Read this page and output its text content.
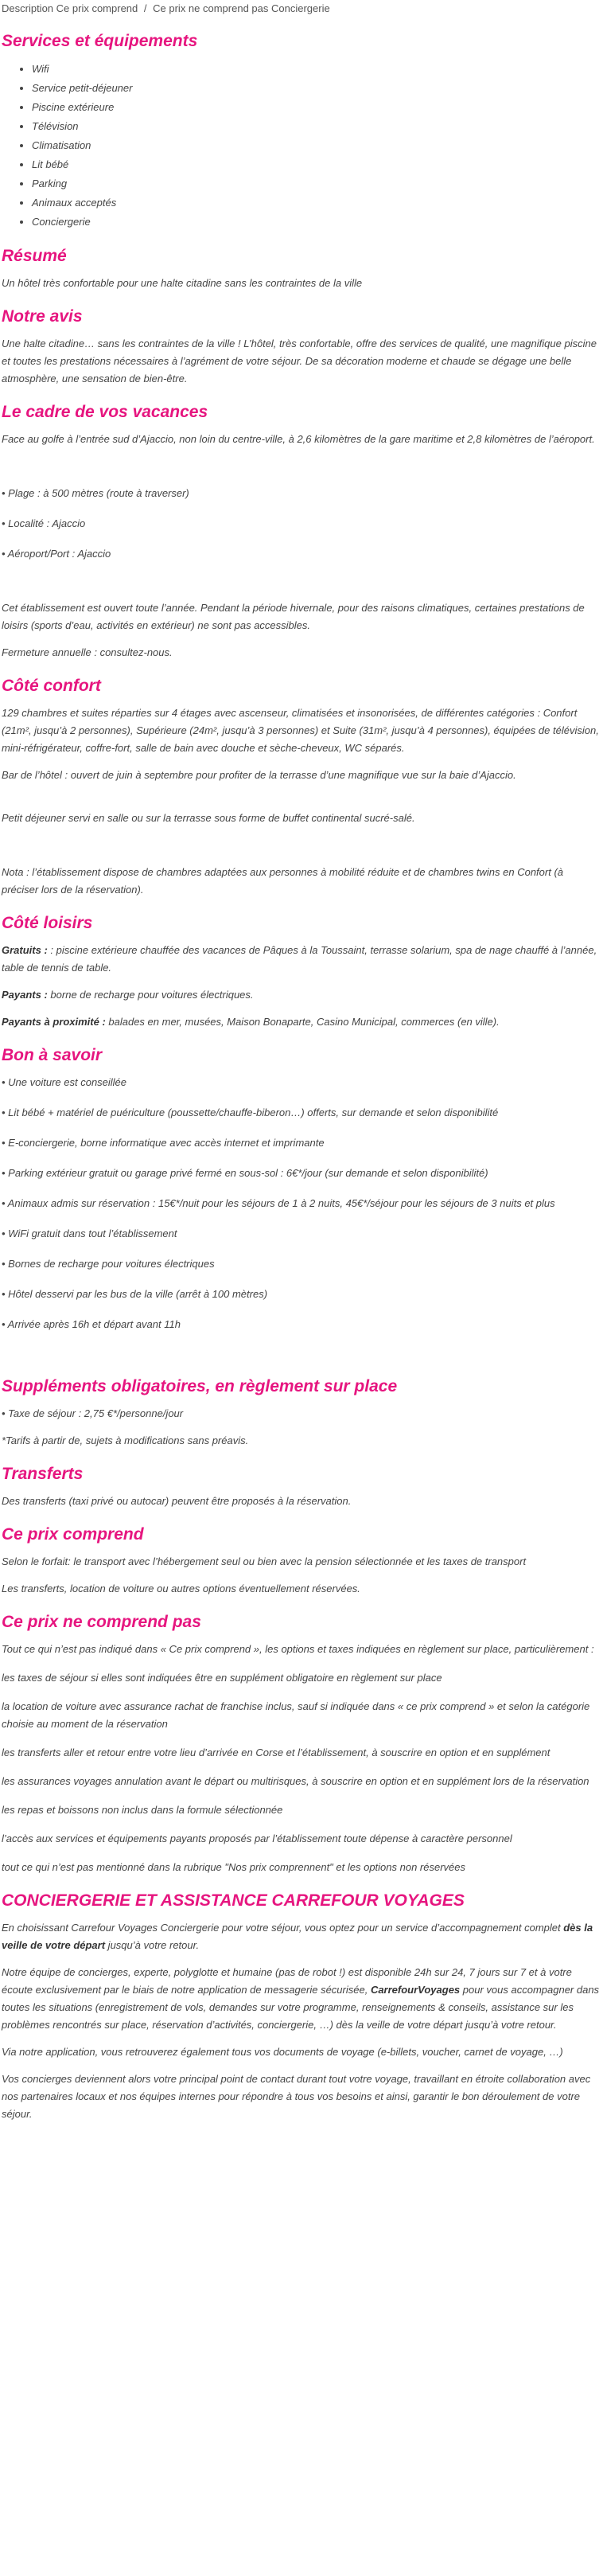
Description Ce prix comprend / Ce prix ne comprend pas Conciergerie
Services et équipements
• Wifi
• Service petit-déjeuner
• Piscine extérieure
• Télévision
• Climatisation
• Lit bébé
• Parking
• Animaux acceptés
• Conciergerie
Résumé

Un hôtel très confortable pour une halte citadine sans les contraintes de la ville

Notre avis

Une halte citadine… sans les contraintes de la ville ! L’hôtel, très confortable, offre des services de qualité, une magnifique piscine et toutes les prestations nécessaires à l’agrément de votre séjour. De sa décoration moderne et chaude se dégage une belle atmosphère, une sensation de bien-être.

Le cadre de vos vacances

Face au golfe à l’entrée sud d’Ajaccio, non loin du centre-ville, à 2,6 kilomètres de la gare maritime et 2,8 kilomètres de l’aéroport.

• Plage : à 500 mètres (route à traverser)

• Localité : Ajaccio

• Aéroport/Port : Ajaccio

Cet établissement est ouvert toute l’année. Pendant la période hivernale, pour des raisons climatiques, certaines prestations de loisirs (sports d’eau, activités en extérieur) ne sont pas accessibles.

Fermeture annuelle : consultez-nous.

Côté confort

129 chambres et suites réparties sur 4 étages avec ascenseur, climatisées et insonorisées, de différentes catégories : Confort (21m², jusqu’à 2 personnes), Supérieure (24m², jusqu’à 3 personnes) et Suite (31m², jusqu’à 4 personnes), équipées de télévision, mini-réfrigérateur, coffre-fort, salle de bain avec douche et sèche-cheveux, WC séparés.

Bar de l’hôtel : ouvert de juin à septembre pour profiter de la terrasse d’une magnifique vue sur la baie d’Ajaccio.

Petit déjeuner servi en salle ou sur la terrasse sous forme de buffet continental sucré-salé.

Nota : l’établissement dispose de chambres adaptées aux personnes à mobilité réduite et de chambres twins en Confort (à préciser lors de la réservation).

Côté loisirs

Gratuits : : piscine extérieure chauffée des vacances de Pâques à la Toussaint, terrasse solarium, spa de nage chauffé à l’année, table de tennis de table.

Payants : borne de recharge pour voitures électriques.

Payants à proximité : balades en mer, musées, Maison Bonaparte, Casino Municipal, commerces (en ville).

Bon à savoir

• Une voiture est conseillée

• Lit bébé + matériel de puériculture (poussette/chauffe-biberon…) offerts, sur demande et selon disponibilité

• E-conciergerie, borne informatique avec accès internet et imprimante

• Parking extérieur gratuit ou garage privé fermé en sous-sol : 6€*/jour (sur demande et selon disponibilité)

• Animaux admis sur réservation : 15€*/nuit pour les séjours de 1 à 2 nuits, 45€*/séjour pour les séjours de 3 nuits et plus

• WiFi gratuit dans tout l’établissement

• Bornes de recharge pour voitures électriques

• Hôtel desservi par les bus de la ville (arrêt à 100 mètres)

• Arrivée après 16h et départ avant 11h

Suppléments obligatoires, en règlement sur place

• Taxe de séjour : 2,75 €*/personne/jour

*Tarifs à partir de, sujets à modifications sans préavis.

Transferts

Des transferts (taxi privé ou autocar) peuvent être proposés à la réservation.

Ce prix comprend

Selon le forfait: le transport avec l’hébergement seul ou bien avec la pension sélectionnée et les taxes de transport

Les transferts, location de voiture ou autres options éventuellement réservées.

Ce prix ne comprend pas

Tout ce qui n’est pas indiqué dans « Ce prix comprend », les options et taxes indiquées en règlement sur place, particulièrement :

les taxes de séjour si elles sont indiquées être en supplément obligatoire en règlement sur place

la location de voiture avec assurance rachat de franchise inclus, sauf si indiquée dans « ce prix comprend » et selon la catégorie choisie au moment de la réservation

les transferts aller et retour entre votre lieu d’arrivée en Corse et l’établissement, à souscrire en option et en supplément

les assurances voyages annulation avant le départ ou multirisques, à souscrire en option et en supplément lors de la réservation

les repas et boissons non inclus dans la formule sélectionnée

l’accès aux services et équipements payants proposés par l’établissement toute dépense à caractère personnel

tout ce qui n’est pas mentionné dans la rubrique "Nos prix comprennent" et les options non réservées

CONCIERGERIE ET ASSISTANCE CARREFOUR VOYAGES

En choisissant Carrefour Voyages Conciergerie pour votre séjour, vous optez pour un service d’accompagnement complet dès la veille de votre départ jusqu’à votre retour.

Notre équipe de concierges, experte, polyglotte et humaine (pas de robot !) est disponible 24h sur 24, 7 jours sur 7 et à votre écoute exclusivement par le biais de notre application de messagerie sécurisée, CarrefourVoyages pour vous accompagner dans toutes les situations (enregistrement de vols, demandes sur votre programme, renseignements & conseils, assistance sur les problèmes rencontrés sur place, réservation d’activités, conciergerie, …) dès la veille de votre départ jusqu’à votre retour.

Via notre application, vous retrouverez également tous vos documents de voyage (e-billets, voucher, carnet de voyage, …)

Vos concierges deviennent alors votre principal point de contact durant tout votre voyage, travaillant en étroite collaboration avec nos partenaires locaux et nos équipes internes pour répondre à tous vos besoins et ainsi, garantir le bon déroulement de votre séjour.
